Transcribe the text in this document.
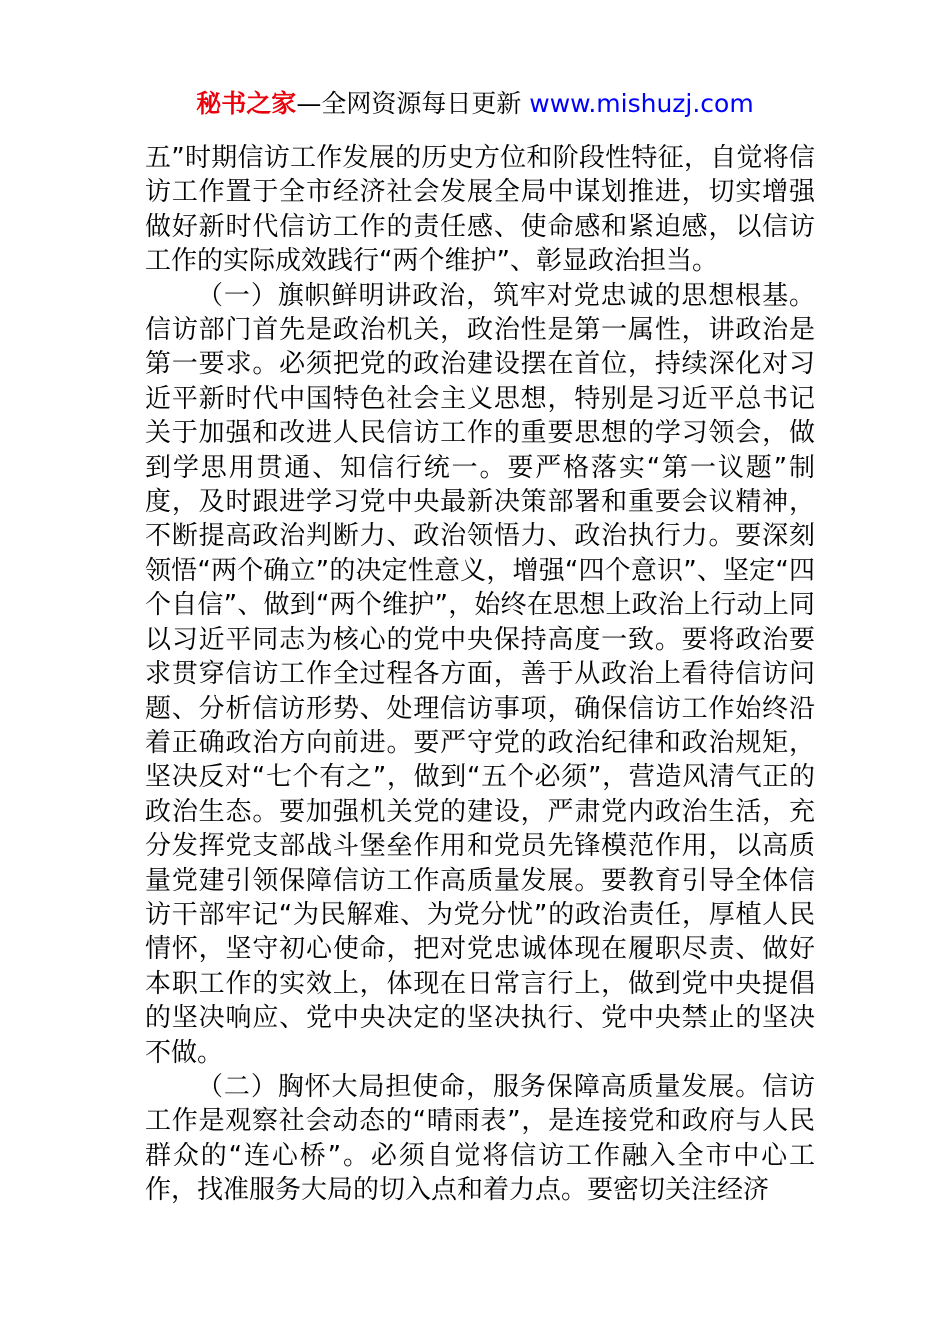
秘书之家—全网资源每日更新 www.mishuzj.com

五”时期信访工作发展的历史方位和阶段性特征，自觉将信访工作置于全市经济社会发展全局中谋划推进，切实增强做好新时代信访工作的责任感、使命感和紧迫感，以信访工作的实际成效践行“两个维护”、彰显政治担当。

（一）旗帜鲜明讲政治，筑牢对党忠诚的思想根基。信访部门首先是政治机关，政治性是第一属性，讲政治是第一要求。必须把党的政治建设摆在首位，持续深化对习近平新时代中国特色社会主义思想，特别是习近平总书记关于加强和改进人民信访工作的重要思想的学习领会，做到学思用贯通、知信行统一。要严格落实“第一议题”制度，及时跟进学习党中央最新决策部署和重要会议精神，不断提高政治判断力、政治领悟力、政治执行力。要深刻领悟“两个确立”的决定性意义，增强“四个意识”、坚定“四个自信”、做到“两个维护”，始终在思想上政治上行动上同以习近平同志为核心的党中央保持高度一致。要将政治要求贯穿信访工作全过程各方面，善于从政治上看待信访问题、分析信访形势、处理信访事项，确保信访工作始终沿着正确政治方向前进。要严守党的政治纪律和政治规矩，坚决反对“七个有之”，做到“五个必须”，营造风清气正的政治生态。要加强机关党的建设，严肃党内政治生活，充分发挥党支部战斗堡垒作用和党员先锋模范作用，以高质量党建引领保障信访工作高质量发展。要教育引导全体信访干部牢记“为民解难、为党分忧”的政治责任，厚植人民情怀，坚守初心使命，把对党忠诚体现在履职尽责、做好本职工作的实效上，体现在日常言行上，做到党中央提倡的坚决响应、党中央决定的坚决执行、党中央禁止的坚决不做。

（二）胸怀大局担使命，服务保障高质量发展。信访工作是观察社会动态的“晴雨表”，是连接党和政府与人民群众的“连心桥”。必须自觉将信访工作融入全市中心工作，找准服务大局的切入点和着力点。要密切关注经济
